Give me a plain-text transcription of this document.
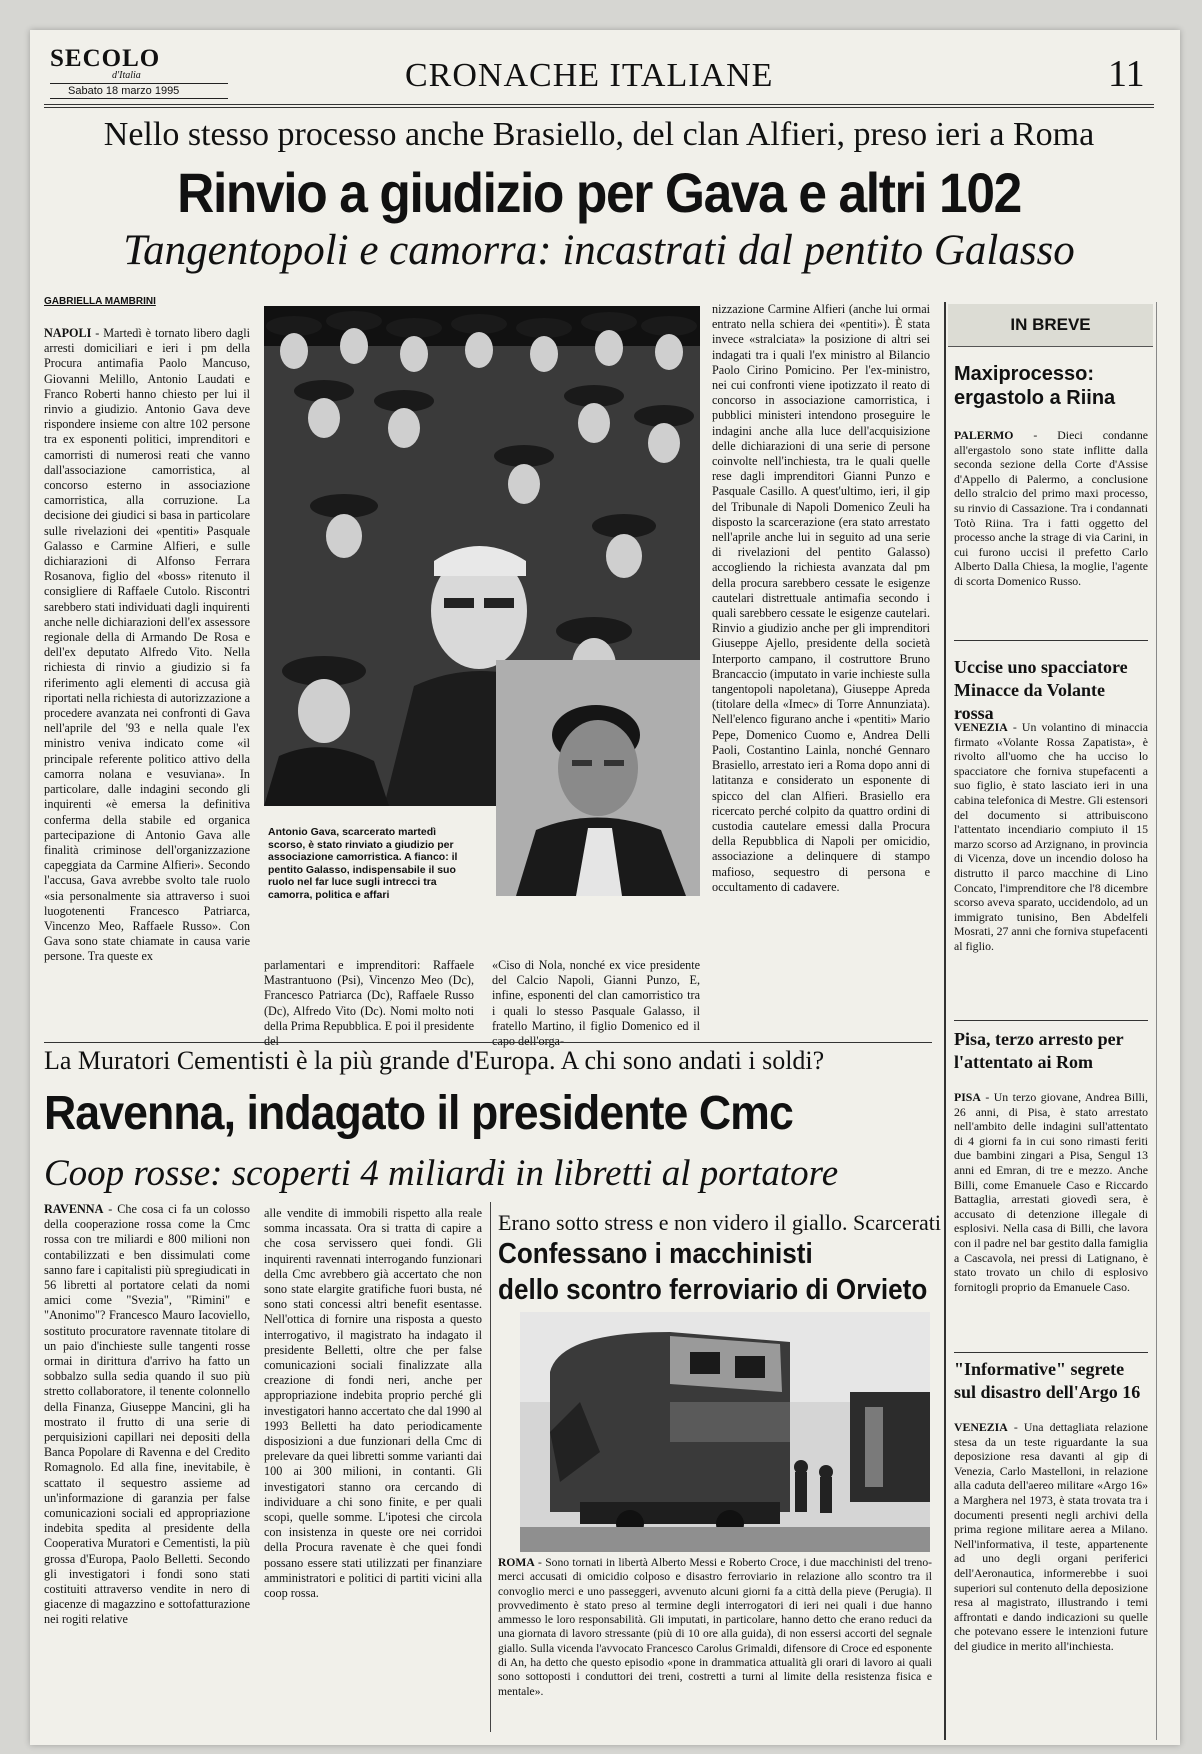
SECOLO
d'Italia
Sabato 18 marzo 1995	CRONACHE ITALIANE	11
Nello stesso processo anche Brasiello, del clan Alfieri, preso ieri a Roma
Rinvio a giudizio per Gava e altri 102
Tangentopoli e camorra: incastrati dal pentito Galasso
GABRIELLA MAMBRINI
NAPOLI - Martedì è tornato libero dagli arresti domiciliari e ieri i pm della Procura antimafia Paolo Mancuso, Giovanni Melillo, Antonio Laudati e Franco Roberti hanno chiesto per lui il rinvio a giudizio. Antonio Gava deve rispondere insieme con altre 102 persone tra ex esponenti politici, imprenditori e camorristi di numerosi reati che vanno dall'associazione camorristica, al concorso esterno in associazione camorristica, alla corruzione. La decisione dei giudici si basa in particolare sulle rivelazioni dei «pentiti» Pasquale Galasso e Carmine Alfieri, e sulle dichiarazioni di Alfonso Ferrara Rosanova, figlio del «boss» ritenuto il consigliere di Raffaele Cutolo. Riscontri sarebbero stati individuati dagli inquirenti anche nelle dichiarazioni dell'ex assessore regionale della di Armando De Rosa e dell'ex deputato Alfredo Vito. Nella richiesta di rinvio a giudizio si fa riferimento agli elementi di accusa già riportati nella richiesta di autorizzazione a procedere avanzata nei confronti di Gava nell'aprile del '93 e nella quale l'ex ministro veniva indicato come «il principale referente politico attivo della camorra nolana e vesuviana». In particolare, dalle indagini secondo gli inquirenti «è emersa la definitiva conferma della stabile ed organica partecipazione di Antonio Gava alle finalità criminose dell'organizzazione capeggiata da Carmine Alfieri». Secondo l'accusa, Gava avrebbe svolto tale ruolo «sia personalmente sia attraverso i suoi luogotenenti Francesco Patriarca, Vincenzo Meo, Raffaele Russo». Con Gava sono state chiamate in causa varie persone. Tra queste ex
Antonio Gava, scarcerato martedì scorso, è stato rinviato a giudizio per associazione camorristica. A fianco: il pentito Galasso, indispensabile il suo ruolo nel far luce sugli intrecci tra camorra, politica e affari
parlamentari e imprenditori: Raffaele Mastrantuono (Psi), Vincenzo Meo (Dc), Francesco Patriarca (Dc), Raffaele Russo (Dc), Alfredo Vito (Dc). Nomi molto noti della Prima Repubblica. E poi il presidente
«Ciso di Nola, nonché ex vice presidente del Calcio Napoli, Gianni Punzo, E, infine, esponenti del clan camorristico tra i quali lo stesso Pasquale Galasso, il fratello Martino, il figlio Domenico ed il
nizzazione Carmine Alfieri (anche lui ormai entrato nella schiera dei «pentiti»). È stata invece «stralciata» la posizione di altri sei indagati tra i quali l'ex ministro al Bilancio Paolo Cirino Pomicino. Per l'ex-ministro, nei cui confronti viene ipotizzato il reato di concorso in associazione camorristica, i pubblici ministeri intendono proseguire le indagini anche alla luce dell'acquisizione delle dichiarazioni di una serie di persone coinvolte nell'inchiesta, tra le quali quelle rese dagli imprenditori Gianni Punzo e Pasquale Casillo. A quest'ultimo, ieri, il gip del Tribunale di Napoli Domenico Zeuli ha disposto la scarcerazione (era stato arrestato nell'aprile anche lui in seguito ad una serie di rivelazioni del pentito Galasso) accogliendo la richiesta avanzata dal pm della procura sarebbero cessate le esigenze cautelari distrettuale antimafia secondo i quali sarebbero cessate le esigenze cautelari. Rinvio a giudizio anche per gli imprenditori Giuseppe Ajello, presidente della società Interporto campano, il costruttore Bruno Brancaccio (imputato in varie inchieste sulla tangentopoli napoletana), Giuseppe Apreda (titolare della «Imec» di Torre Annunziata). Nell'elenco figurano anche i «pentiti» Mario Pepe, Domenico Cuomo e, Andrea Delli Paoli, Costantino Lainla, nonché Gennaro Brasiello, arrestato ieri a Roma dopo anni di latitanza e considerato un esponente di spicco del clan Alfieri. Brasiello era ricercato perché colpito da quattro ordini di custodia cautelare emessi dalla Procura della Repubblica di Napoli per omicidio, associazione a delinquere di stampo mafioso, sequestro di persona e occultamento di cadavere.
IN BREVE
Maxiprocesso: ergastolo a Riina
PALERMO - Dieci condanne all'ergastolo sono state inflitte dalla seconda sezione della Corte d'Assise d'Appello di Palermo, a conclusione dello stralcio del primo maxi processo, su rinvio di Cassazione. Tra i condannati Totò Riina. Tra i fatti oggetto del processo anche la strage di via Carini, in cui furono uccisi il prefetto Carlo Alberto Dalla Chiesa, la moglie, l'agente di scorta Domenico Russo.
Uccise uno spacciatore Minacce da Volante rossa
VENEZIA - Un volantino di minaccia firmato «Volante Rossa Zapatista», è rivolto all'uomo che ha ucciso lo spacciatore che forniva stupefacenti a suo figlio, è stato lasciato ieri in una cabina telefonica di Mestre. Gli estensori del documento si attribuiscono l'attentato incendiario compiuto il 15 marzo scorso ad Arzignano, in provincia di Vicenza, dove un incendio doloso ha distrutto il parco macchine di Lino Concato, l'imprenditore che l'8 dicembre scorso aveva sparato, uccidendolo, ad un immigrato tunisino, Ben Abdelfeli Mosrati, 27 anni che forniva stupefacenti al figlio.
Pisa, terzo arresto per l'attentato ai Rom
PISA - Un terzo giovane, Andrea Billi, 26 anni, di Pisa, è stato arrestato nell'ambito delle indagini sull'attentato di 4 giorni fa in cui sono rimasti feriti due bambini zingari a Pisa, Sengul 13 anni ed Emran, di tre e mezzo. Anche Billi, come Emanuele Caso e Riccardo Battaglia, arrestati giovedì sera, è accusato di detenzione illegale di esplosivi. Nella casa di Billi, che lavora con il padre nel bar gestito dalla famiglia a Cascavola, nei pressi di Latignano, è stato trovato un chilo di esplosivo fornitogli proprio da Emanuele Caso.
"Informative" segrete sul disastro dell'Argo 16
VENEZIA - Una dettagliata relazione stesa da un teste riguardante la sua deposizione resa davanti al gip di Venezia, Carlo Mastelloni, in relazione alla caduta dell'aereo militare «Argo 16» a Marghera nel 1973, è stata trovata tra i documenti presenti negli archivi della prima regione militare aerea a Milano. Nell'informativa, il teste, appartenente ad uno degli organi periferici dell'Aeronautica, informerebbe i suoi superiori sul contenuto della deposizione resa al magistrato, illustrando i temi affrontati e dando indicazioni su quelle che potevano essere le intenzioni future del giudice in merito all'inchiesta.
La Muratori Cementisti è la più grande d'Europa. A chi sono andati i soldi?
Ravenna, indagato il presidente Cmc
Coop rosse: scoperti 4 miliardi in libretti al portatore
RAVENNA - Che cosa ci fa un colosso della cooperazione rossa come la Cmc rossa con tre miliardi e 800 milioni non contabilizzati e ben dissimulati come sanno fare i capitalisti più spregiudicati in 56 libretti al portatore celati da nomi amici come "Svezia", "Rimini" e "Anonimo"? Francesco Mauro Iacoviello, sostituto procuratore ravennate titolare di un paio d'inchieste sulle tangenti rosse ormai in dirittura d'arrivo ha fatto un sobbalzo sulla sedia quando il suo più stretto collaboratore, il tenente colonnello della Finanza, Giuseppe Mancini, gli ha mostrato il frutto di una serie di perquisizioni capillari nei depositi della Banca Popolare di Ravenna e del Credito Romagnolo. Ed alla fine, inevitabile, è scattato il sequestro assieme ad un'informazione di garanzia per false comunicazioni sociali ed appropriazione indebita spedita al presidente della Cooperativa Muratori e Cementisti, la più grossa d'Europa, Paolo Belletti. Secondo gli investigatori i fondi sono stati costituiti attraverso vendite in nero di giacenze di magazzino e sottofatturazione nei rogiti relative
alle vendite di immobili rispetto alla reale somma incassata. Ora si tratta di capire a che cosa servissero quei fondi. Gli inquirenti ravennati interrogando funzionari della Cmc avrebbero già accertato che non sono state elargite gratifiche fuori busta, né sono stati concessi altri benefit esentasse. Nell'ottica di fornire una risposta a questo interrogativo, il magistrato ha indagato il presidente Belletti, oltre che per false comunicazioni sociali finalizzate alla creazione di fondi neri, anche per appropriazione indebita proprio perché gli investigatori hanno accertato che dal 1990 al 1993 Belletti ha dato periodicamente disposizioni a due funzionari della Cmc di prelevare da quei libretti somme varianti dai 100 ai 300 milioni, in contanti. Gli investigatori stanno ora cercando di individuare a chi sono finite, e per quali scopi, quelle somme. L'ipotesi che circola con insistenza in queste ore nei corridoi della Procura ravenate è che quei fondi possano essere stati utilizzati per finanziare amministratori e politici di partiti vicini alla coop rossa.
Erano sotto stress e non videro il giallo. Scarcerati
Confessano i macchinisti
dello scontro ferroviario di Orvieto
ROMA - Sono tornati in libertà Alberto Messi e Roberto Croce, i due macchinisti del treno-merci accusati di omicidio colposo e disastro ferroviario in relazione allo scontro tra il convoglio merci e uno passeggeri, avvenuto alcuni giorni fa a città della pieve (Perugia). Il provvedimento è stato preso al termine degli interrogatori di ieri nei quali i due hanno ammesso le loro responsabilità. Gli imputati, in particolare, hanno detto che erano reduci da una giornata di lavoro stressante (più di 10 ore alla guida), di non essersi accorti del segnale giallo. Sulla vicenda l'avvocato Francesco Carolus Grimaldi, difensore di Croce ed esponente di An, ha detto che questo episodio «pone in drammatica attualità gli orari di lavoro ai quali sono sottoposti i conduttori dei treni, costretti a turni al limite della resistenza fisica e mentale».
